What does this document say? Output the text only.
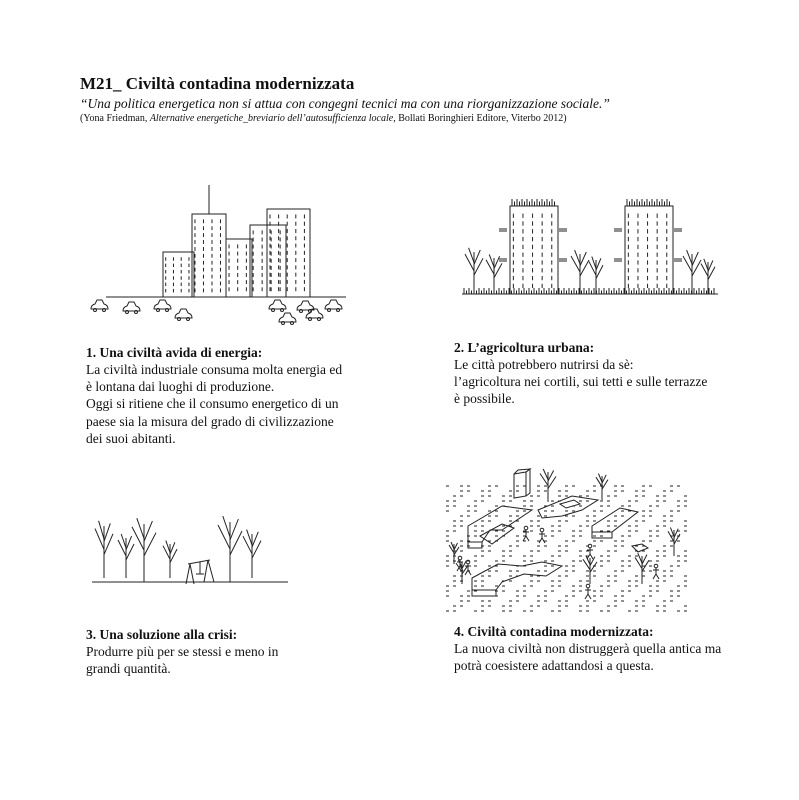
M21_ Civiltà contadina modernizzata

“Una politica energetica non si attua con congegni tecnici ma con una riorganizzazione sociale.”

(Yona Friedman, Alternative energetiche_breviario dell’autosufficienza locale, Bollati Boringhieri Editore, Viterbo 2012)

1. Una civiltà avida di energia:

La civiltà industriale consuma molta energia ed
è lontana dai luoghi di produzione.
Oggi si ritiene che il consumo energetico di un
paese sia la misura del grado di civilizzazione
dei suoi abitanti.

2. L’agricoltura urbana:

Le città potrebbero nutrirsi da sè:
l’agricoltura nei cortili, sui tetti e sulle terrazze
è possibile.

3. Una soluzione alla crisi:

Produrre più per se stessi e meno in
grandi quantità.

4. Civiltà contadina modernizzata:

La nuova civiltà non distruggerà quella antica ma
potrà coesistere adattandosi a questa.
